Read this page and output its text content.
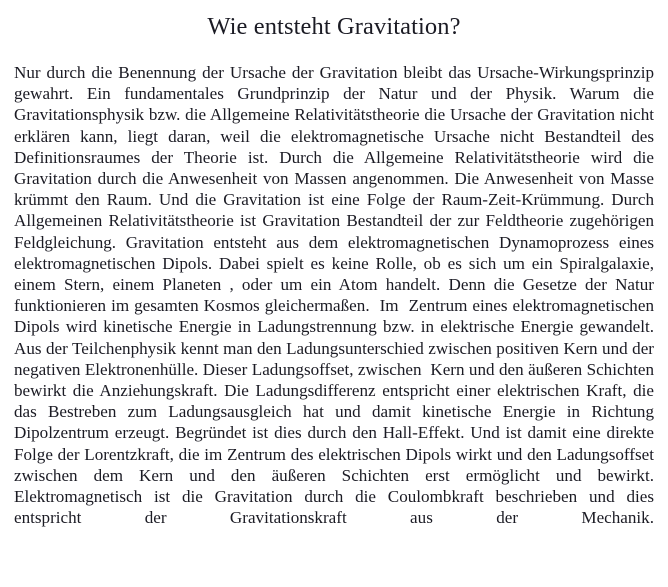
Wie entsteht Gravitation?

Nur durch die Benennung der Ursache der Gravitation bleibt das Ursache-Wirkungsprinzip gewahrt. Ein fundamentales Grundprinzip der Natur und der Physik. Warum die Gravitationsphysik bzw. die Allgemeine Relativitätstheorie die Ursache der Gravitation nicht erklären kann, liegt daran, weil die elektromagnetische Ursache nicht Bestandteil des Definitionsraumes der Theorie ist. Durch die Allgemeine Relativitätstheorie wird die Gravitation durch die Anwesenheit von Massen angenommen. Die Anwesenheit von Masse krümmt den Raum. Und die Gravitation ist eine Folge der Raum-Zeit-Krümmung. Durch Allgemeinen Relativitätstheorie ist Gravitation Bestandteil der zur Feldtheorie zugehörigen Feldgleichung. Gravitation entsteht aus dem elektromagnetischen Dynamoprozess eines elektromagnetischen Dipols. Dabei spielt es keine Rolle, ob es sich um ein Spiralgalaxie, einem Stern, einem Planeten , oder um ein Atom handelt. Denn die Gesetze der Natur funktionieren im gesamten Kosmos gleichermaßen.  Im  Zentrum eines elektromagnetischen Dipols wird kinetische Energie in Ladungstrennung bzw. in elektrische Energie gewandelt. Aus der Teilchenphysik kennt man den Ladungsunterschied zwischen positiven Kern und der negativen Elektronenhülle. Dieser Ladungsoffset, zwischen  Kern und den äußeren Schichten bewirkt die Anziehungskraft. Die Ladungsdifferenz entspricht einer elektrischen Kraft, die das Bestreben zum Ladungsausgleich hat und damit kinetische Energie in Richtung Dipolzentrum erzeugt. Begründet ist dies durch den Hall-Effekt. Und ist damit eine direkte Folge der Lorentzkraft, die im Zentrum des elektrischen Dipols wirkt und den Ladungsoffset zwischen dem Kern und den äußeren Schichten erst ermöglicht und bewirkt. Elektromagnetisch ist die Gravitation durch die Coulombkraft beschrieben und dies entspricht der Gravitationskraft aus der Mechanik.
